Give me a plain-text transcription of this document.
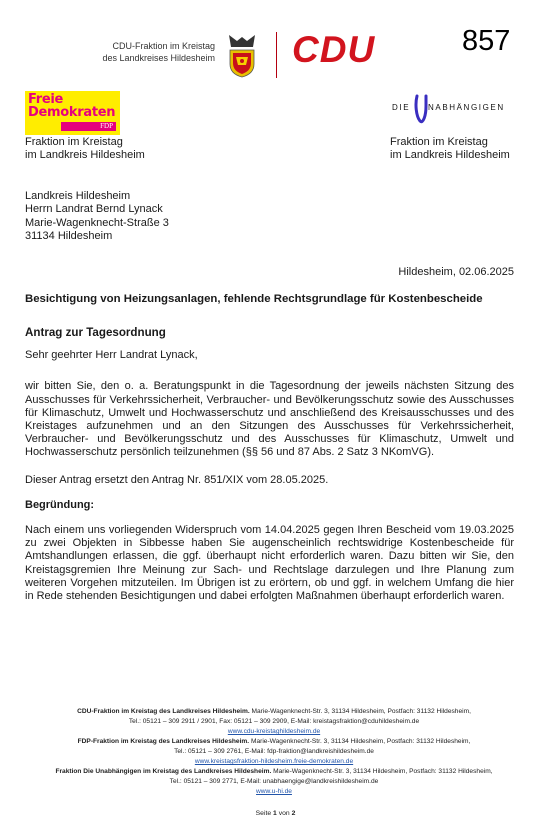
CDU-Fraktion im Kreistag
des Landkreises Hildesheim CDU	857
Freie
Demokraten
FDP
Fraktion im Kreistag
im Landkreis Hildesheim
DIE NABHÄNGIGEN
Fraktion im Kreistag
im Landkreis Hildesheim
Landkreis Hildesheim
Herrn Landrat Bernd Lynack
Marie-Wagenknecht-Straße 3
31134 Hildesheim
Hildesheim, 02.06.2025
Besichtigung von Heizungsanlagen, fehlende Rechtsgrundlage für Kostenbescheide
Antrag zur Tagesordnung
Sehr geehrter Herr Landrat Lynack,
wir bitten Sie, den o. a. Beratungspunkt in die Tagesordnung der jeweils nächsten Sitzung des Ausschusses für Verkehrssicherheit, Verbraucher- und Bevölkerungsschutz sowie des Ausschusses für Klimaschutz, Umwelt und Hochwasserschutz und anschließend des Kreisausschusses und des Kreistages aufzunehmen und an den Sitzungen des Ausschusses für Verkehrssicherheit, Verbraucher- und Bevölkerungsschutz und des Ausschusses für Klimaschutz, Umwelt und Hochwasserschutz persönlich teilzunehmen (§§ 56 und 87 Abs. 2 Satz 3 NKomVG).
Dieser Antrag ersetzt den Antrag Nr. 851/XIX vom 28.05.2025.
Begründung:
Nach einem uns vorliegenden Widerspruch vom 14.04.2025 gegen Ihren Bescheid vom 19.03.2025 zu zwei Objekten in Sibbesse haben Sie augenscheinlich rechtswidrige Kostenbescheide für Amtshandlungen erlassen, die ggf. überhaupt nicht erforderlich waren. Dazu bitten wir Sie, den Kreistagsgremien Ihre Meinung zur Sach- und Rechtslage darzulegen und Ihre Planung zum weiteren Vorgehen mitzuteilen. Im Übrigen ist zu erörtern, ob und ggf. in welchem Umfang die hier in Rede stehenden Besichtigungen und dabei erfolgten Maßnahmen überhaupt erforderlich waren.
CDU-Fraktion im Kreistag des Landkreises Hildesheim. Marie-Wagenknecht-Str. 3, 31134 Hildesheim, Postfach: 31132 Hildesheim,
Tel.: 05121 – 309 2911 / 2901, Fax: 05121 – 309 2909, E-Mail: kreistagsfraktion@cduhildesheim.de
www.cdu-kreistaghildesheim.de
FDP-Fraktion im Kreistag des Landkreises Hildesheim. Marie-Wagenknecht-Str. 3, 31134 Hildesheim, Postfach: 31132 Hildesheim,
Tel.: 05121 – 309 2761, E-Mail: fdp-fraktion@landkreishildesheim.de
www.kreistagsfraktion-hildesheim.freie-demokraten.de
Fraktion Die Unabhängigen im Kreistag des Landkreises Hildesheim. Marie-Wagenknecht-Str. 3, 31134 Hildesheim, Postfach: 31132 Hildesheim,
Tel.: 05121 – 309 2771, E-Mail: unabhaengige@landkreishildesheim.de
www.u-hi.de
Seite 1 von 2
